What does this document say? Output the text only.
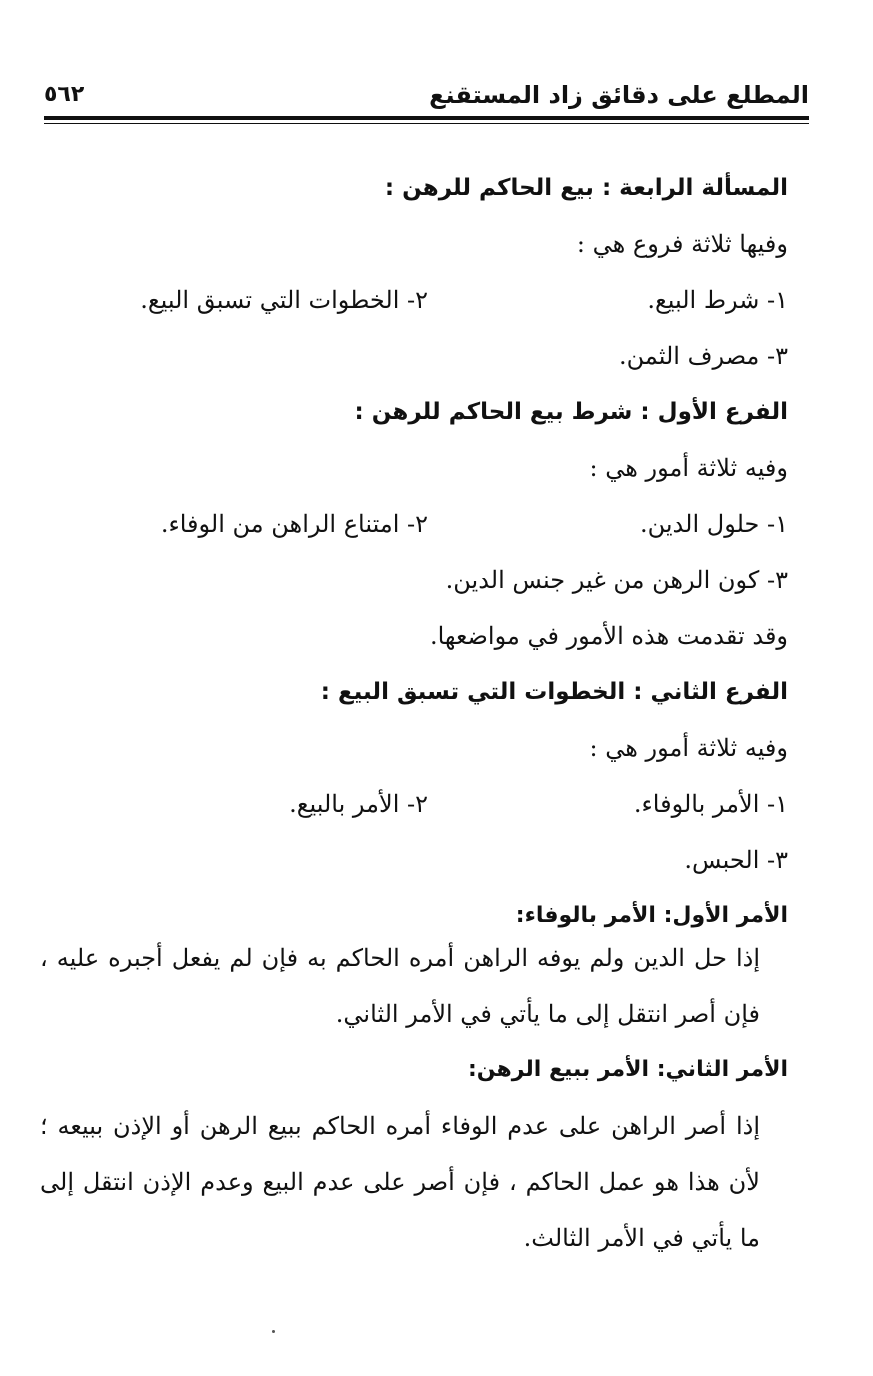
المطلع على دقائق زاد المستقنع
٥٦٢
المسألة الرابعة : بيع الحاكم للرهن :
وفيها ثلاثة فروع هي :
١- شرط البيع.٢- الخطوات التي تسبق البيع.
٣- مصرف الثمن.
الفرع الأول : شرط بيع الحاكم للرهن :
وفيه ثلاثة أمور هي :
١- حلول الدين.٢- امتناع الراهن من الوفاء.
٣- كون الرهن من غير جنس الدين.
وقد تقدمت هذه الأمور في مواضعها.
الفرع الثاني : الخطوات التي تسبق البيع :
وفيه ثلاثة أمور هي :
١- الأمر بالوفاء.٢- الأمر بالبيع.
٣- الحبس.
الأمر الأول: الأمر بالوفاء:
إذا حل الدين ولم يوفه الراهن أمره الحاكم به فإن لم يفعل أجبره عليه ، فإن أصر انتقل إلى ما يأتي في الأمر الثاني.
الأمر الثاني: الأمر ببيع الرهن:
إذا أصر الراهن على عدم الوفاء أمره الحاكم ببيع الرهن أو الإذن ببيعه ؛ لأن هذا هو عمل الحاكم ، فإن أصر على عدم البيع وعدم الإذن انتقل إلى ما يأتي في الأمر الثالث.
